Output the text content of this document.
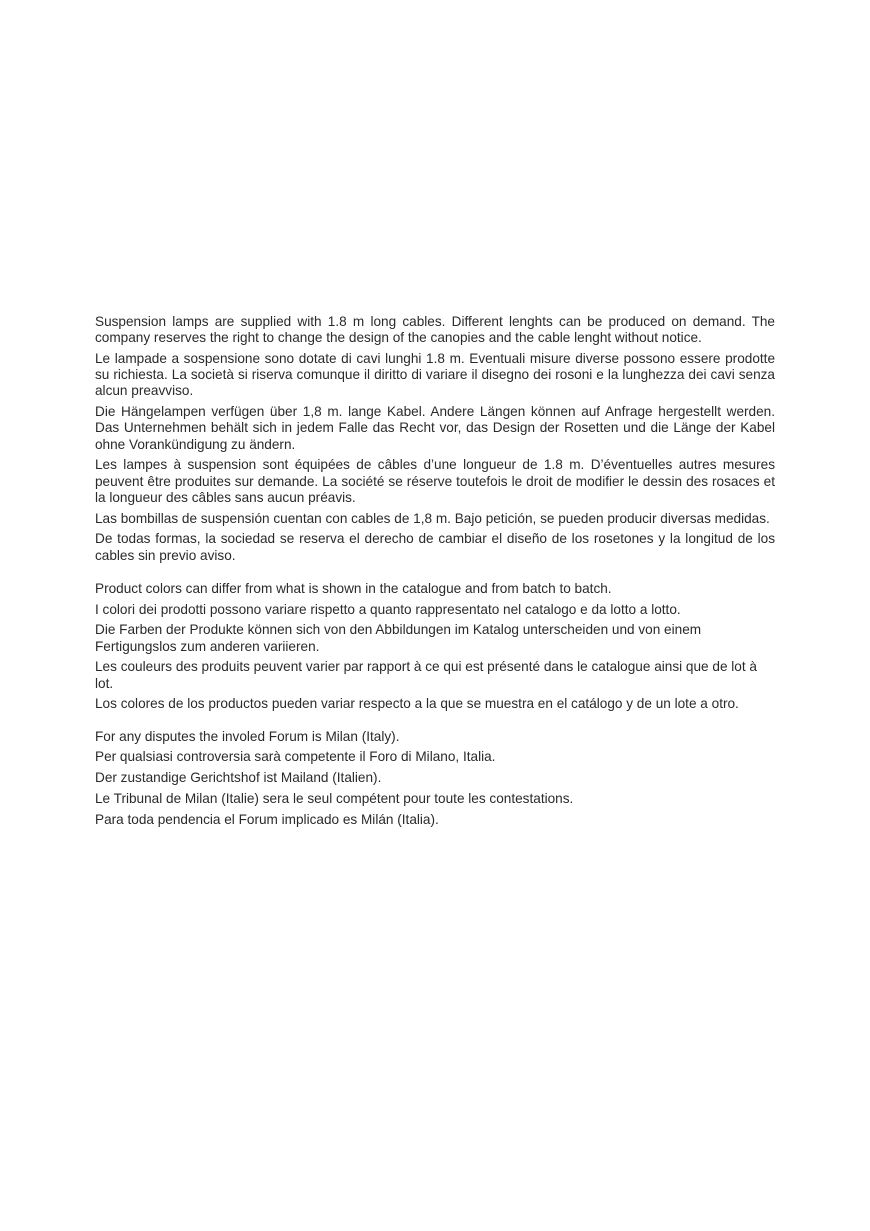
Suspension lamps are supplied with 1.8 m long cables. Different lenghts can be produced on demand. The company reserves the right to change the design of the canopies and the cable lenght without notice.

Le lampade a sospensione sono dotate di cavi lunghi 1.8 m. Eventuali misure diverse possono essere prodotte su richiesta. La società si riserva comunque il diritto di variare il disegno dei rosoni e la lunghezza dei cavi senza alcun preavviso.

Die Hängelampen verfügen über 1,8 m. lange Kabel. Andere Längen können auf Anfrage hergestellt werden. Das Unternehmen behält sich in jedem Falle das Recht vor, das Design der Rosetten und die Länge der Kabel ohne Vorankündigung zu ändern.

Les lampes à suspension sont équipées de câbles d’une longueur de 1.8 m. D’éventuelles autres mesures peuvent être produites sur demande. La société se réserve toutefois le droit de modifier le dessin des rosaces et la longueur des câbles sans aucun préavis.

Las bombillas de suspensión cuentan con cables de 1,8 m. Bajo petición, se pueden producir diversas medidas.

De todas formas, la sociedad se reserva el derecho de cambiar el diseño de los rosetones y la longitud de los cables sin previo aviso.

Product colors can differ from what is shown in the catalogue and from batch to batch.

I colori dei prodotti possono variare rispetto a quanto rappresentato nel catalogo e da lotto a lotto.

Die Farben der Produkte können sich von den Abbildungen im Katalog unterscheiden und von einem Fertigungslos zum anderen variieren.

Les couleurs des produits peuvent varier par rapport à ce qui est présenté dans le catalogue ainsi que de lot à lot.

Los colores de los productos pueden variar respecto a la que se muestra en el catálogo y de un lote a otro.

For any disputes the involed Forum is Milan (Italy).

Per qualsiasi controversia sarà competente il Foro di Milano, Italia.

Der zustandige Gerichtshof ist Mailand (Italien).

Le Tribunal de Milan (Italie) sera le seul compétent pour toute les contestations.

Para toda pendencia el Forum implicado es Milán (Italia).
